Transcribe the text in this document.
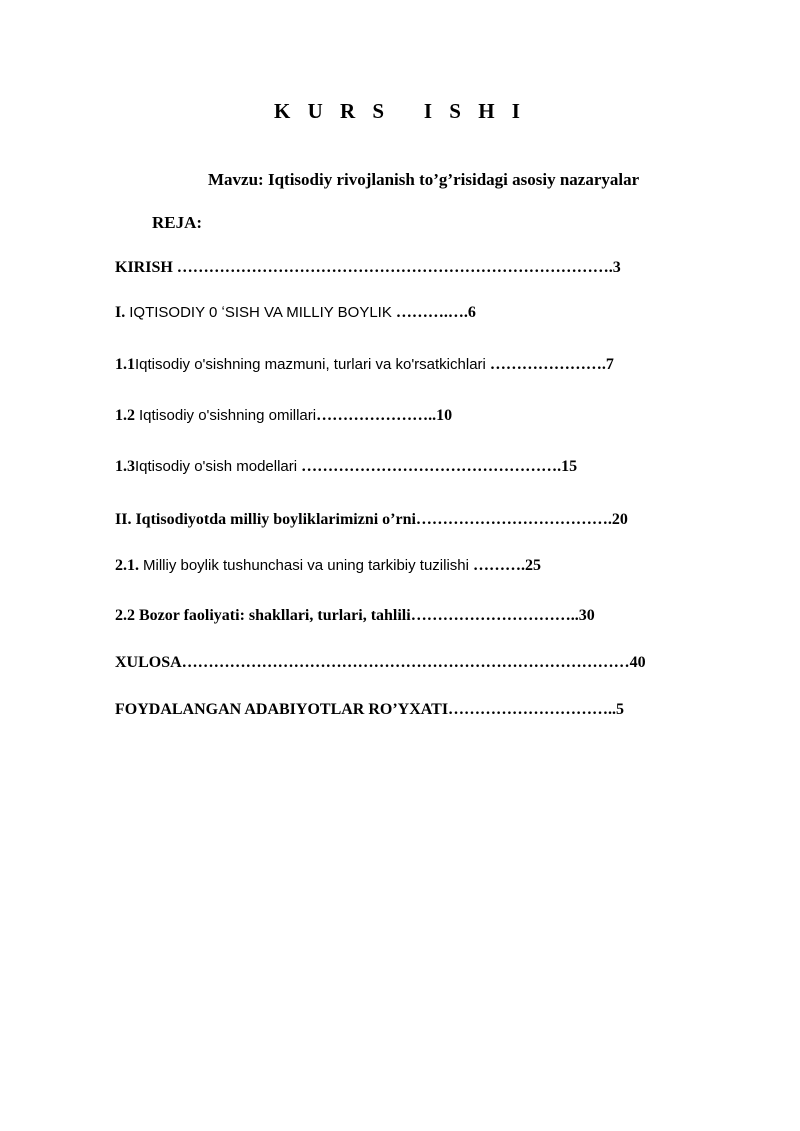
K U R S   I S H I
Mavzu: Iqtisodiy rivojlanish to’g’risidagi asosiy nazaryalar
REJA:
KIRISH ……………………………………………………………………….3
I. IQTISODIY 0 ʻSISH VA MILLIY BOYLIK ……….….6
1.1Iqtisodiy o'sishning mazmuni, turlari va ko'rsatkichlari ………………….7
1.2 Iqtisodiy o'sishning omillari…………………..10
1.3Iqtisodiy o'sish modellari ………………………………………….15
II. Iqtisodiyotda milliy boyliklarimizni o’rni……………………………….20
2.1. Milliy boylik tushunchasi va uning tarkibiy tuzilishi ……….25
2.2 Bozor faoliyati: shakllari, turlari, tahlili…………………………..30
XULOSA…………………………………………………………………………40
FOYDALANGAN ADABIYOTLAR RO’YXATI…………………………..5
